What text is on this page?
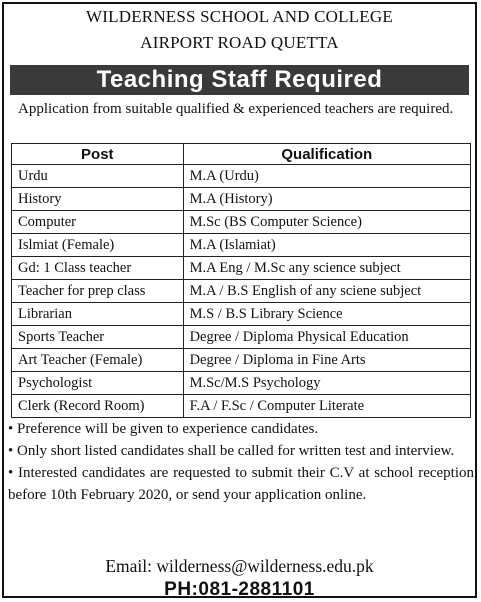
WILDERNESS SCHOOL AND COLLEGE
AIRPORT ROAD QUETTA
Teaching Staff Required
Application from suitable qualified & experienced teachers are required.
Post	Qualification
Urdu	M.A (Urdu)
History	M.A (History)
Computer	M.Sc (BS Computer Science)
Islmiat (Female)	M.A (Islamiat)
Gd: 1 Class teacher	M.A Eng / M.Sc any science subject
Teacher for prep class	M.A / B.S English of any sciene subject
Librarian	M.S / B.S Library Science
Sports Teacher	Degree / Diploma Physical Education
Art Teacher (Female)	Degree / Diploma in Fine Arts
Psychologist	M.Sc/M.S Psychology
Clerk (Record Room)	F.A / F.Sc / Computer Literate

• Preference will be given to experience candidates.

• Only short listed candidates shall be called for written test and interview.

• Interested candidates are requested to submit their C.V at school reception before 10th February 2020, or send your application online.

Email: wilderness@wilderness.edu.pk
PH:081-2881101
